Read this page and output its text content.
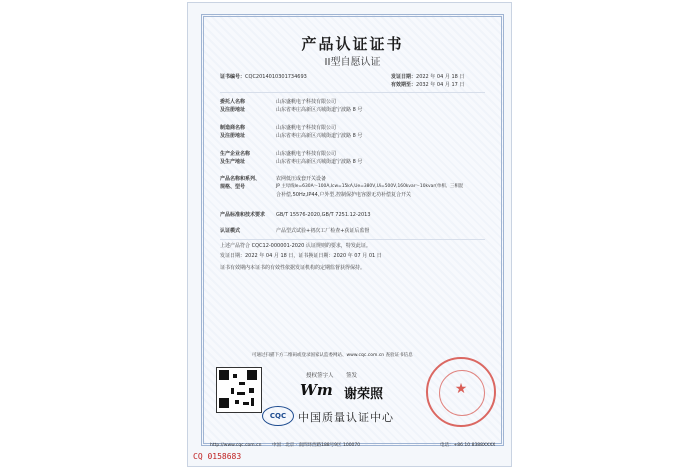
产品认证证书
II型自愿认证
证书编号：CQC2014010301734693	发证日期：2022 年 04 月 18 日
有效期至：2032 年 04 月 17 日
委托人名称
及注册地址
山东盛帆电子科技有限公司
山东省枣庄高新区兴城街道宁波路 8 号
制造商名称
及注册地址
山东盛帆电子科技有限公司
山东省枣庄高新区兴城街道宁波路 8 号
生产企业名称
及生产地址
山东盛帆电子科技有限公司
山东省枣庄高新区兴城街道宁波路 8 号
产品名称和系列、
规格、型号
农网低压成套开关设备
JP 主母线Ie=630A～100A,Icw=15kA,Ue=380V,Ui=500V,160kvar～10kvar(单相、三相混
合补偿,50Hz,IP44,户外型,控制保护电容器无功补偿复合开关
产品标准和技术要求 GB/T 15576-2020,GB/T 7251.12-2013
认证模式	产品型式试验+初次工厂检查+获证后监督
上述产品符合 CQC12-000001-2020 认证规则的要求，特发此证。
发证日期：2022 年 04 月 18 日，证书换证日期：2020 年 07 月 01 日
证书有效期内本证书的有效性依据发证机构的定期监督获得保持。
可通过扫描下方二维码或登录国家认监委网站、www.cqc.com.cn 查验证书信息
授权签字人 签发
Wm 谢荣照	★
CQC	中国质量认证中心
http://www.cqc.com.cn 中国 · 北京 · 南四环西路188号9区 100070	电话：+86 10 8388XXXX
CQ 0158683
